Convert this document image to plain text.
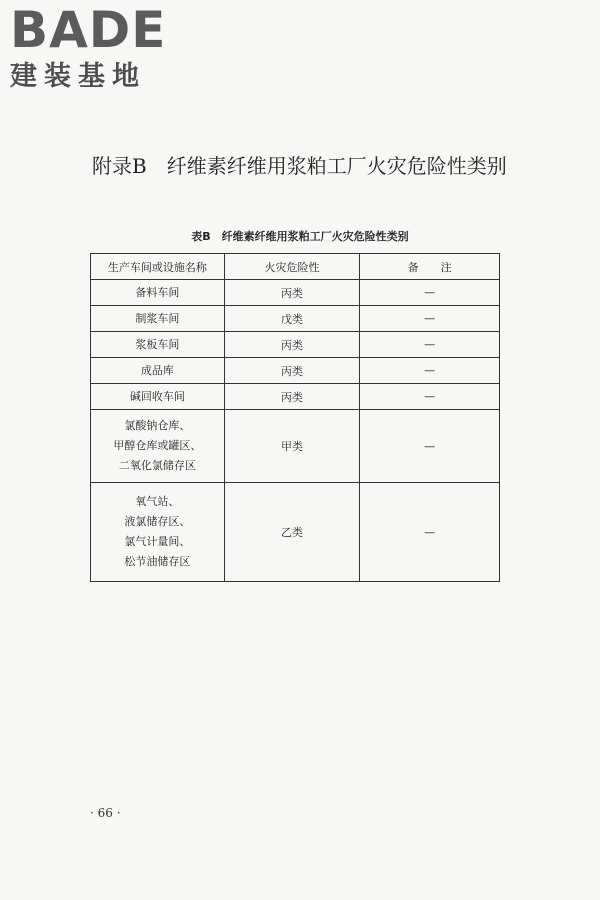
BADE
建装基地
附录B　纤维素纤维用浆粕工厂火灾危险性类别
表B　纤维素纤维用浆粕工厂火灾危险性类别
生产车间或设施名称	火灾危险性	备　　注

备料车间	丙类	—

制浆车间	戊类	—

浆板车间	丙类	—

成品库	丙类	—

碱回收车间	丙类	—

氯酸钠仓库、
甲醇仓库或罐区、
二氧化氯储存区	甲类	—

氧气站、
液氯储存区、
氯气计量间、
松节油储存区	乙类	—
· 66 ·
